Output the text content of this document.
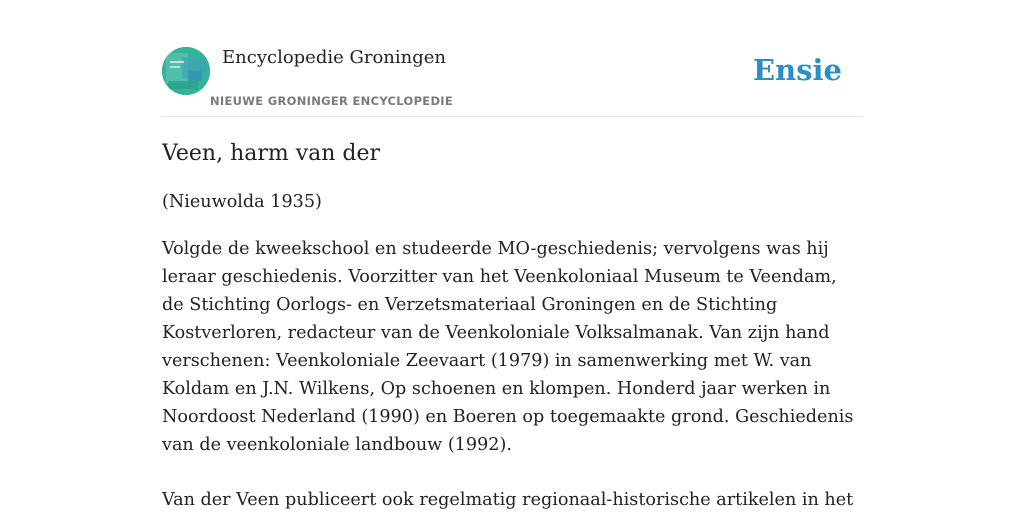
Encyclopedie Groningen
NIEUWE GRONINGER ENCYCLOPEDIE
Ensie
Veen, harm van der
(Nieuwolda 1935)

Volgde de kweekschool en studeerde MO-geschiedenis; vervolgens was hij leraar geschiedenis. Voorzitter van het Veenkoloniaal Museum te Veendam, de Stichting Oorlogs- en Verzetsmateriaal Groningen en de Stichting Kostverloren, redacteur van de Veenkoloniale Volksalmanak. Van zijn hand verschenen: Veenkoloniale Zeevaart (1979) in samenwerking met W. van Koldam en J.N. Wilkens, Op schoenen en klompen. Honderd jaar werken in Noordoost Nederland (1990) en Boeren op toegemaakte grond. Geschiedenis van de veenkoloniale landbouw (1992).

Van der Veen publiceert ook regelmatig regionaal-historische artikelen in het
